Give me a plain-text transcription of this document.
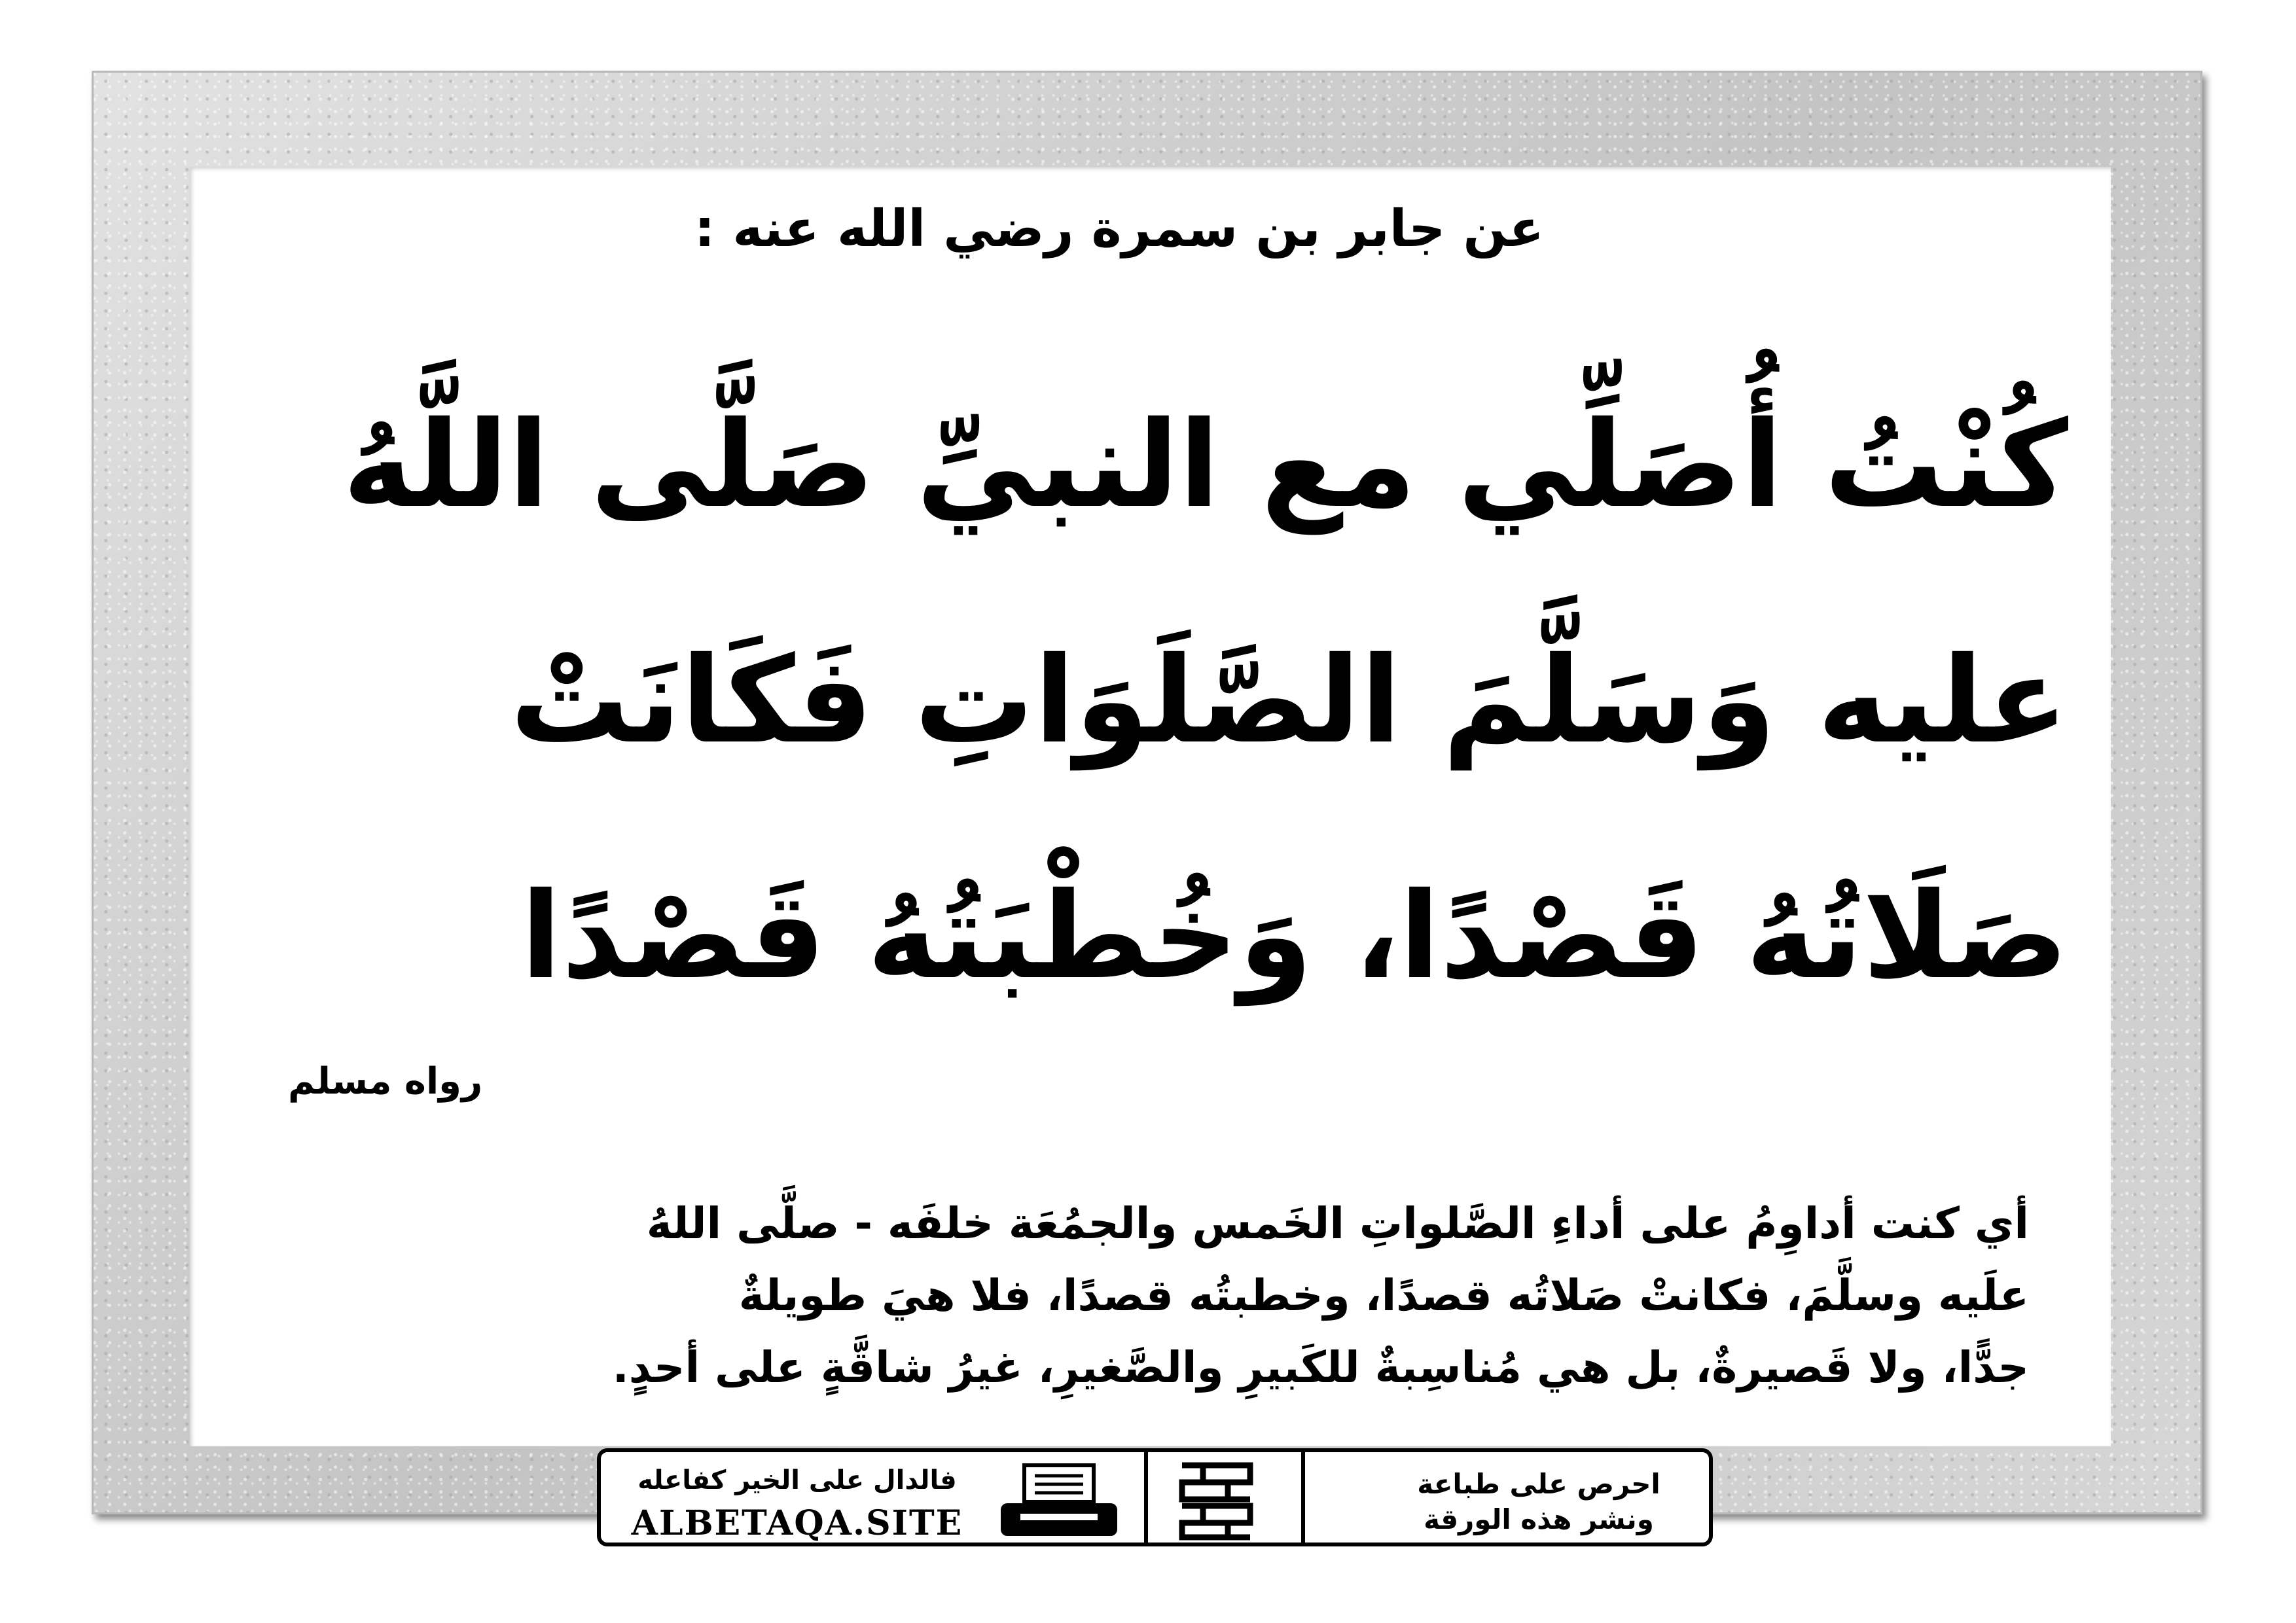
عن جابر بن سمرة رضي الله عنه :
كُنْتُ أُصَلِّي مع النبيِّ صَلَّى اللَّهُ
عليه وَسَلَّمَ الصَّلَوَاتِ فَكَانَتْ
صَلَاتُهُ قَصْدًا، وَخُطْبَتُهُ قَصْدًا
رواه مسلم
أي كنت أداوِمُ على أداءِ الصَّلواتِ الخَمس والجمُعَة خلفَه - صلَّى اللهُ
علَيه وسلَّمَ، فكانتْ صَلاتُه قصدًا، وخطبتُه قصدًا، فلا هيَ طويلةٌ
جدًّا، ولا قَصيرةٌ، بل هي مُناسِبةٌ للكَبيرِ والصَّغيرِ، غيرُ شاقَّةٍ على أحدٍ.
فالدال على الخير كفاعله
ALBETAQA.SITE
احرص على طباعة
ونشر هذه الورقة
